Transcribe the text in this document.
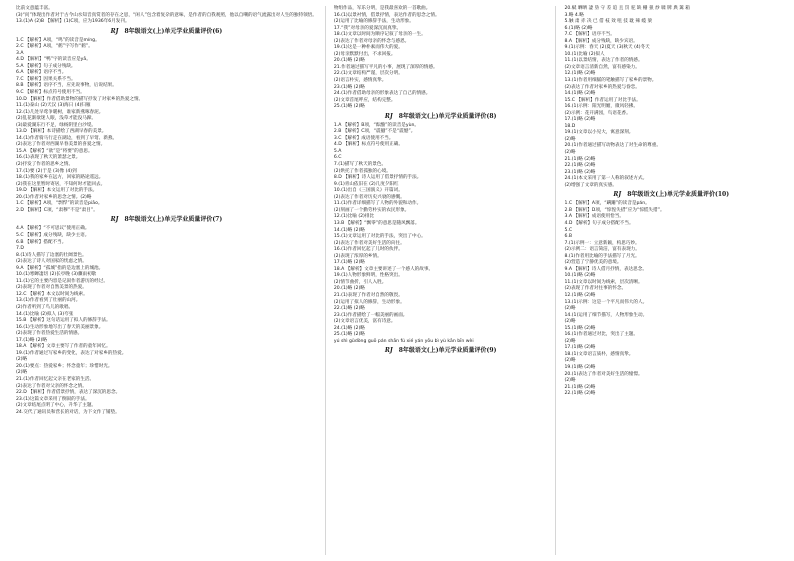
比前文意蕴丰富。
(3)“问”体现出作者对于古今山水知音真赏者的存在之思，“闲人”包含着复杂的意味，是作者的自我观照，他以自嘲的语气流露出对人生的独特领悟。
13.(1)A (2)B 【解析】(1)C项，应为1936年6月发刊。
RJ 8年级语文(上)单元学业质量评价(6)
1.C 【解析】A项，“鸣”的读音是míng。
2.C 【解析】A项，“鹤”字写作“鹤”。
3.A
4.D 【解析】“鸭”字的读音应是yā。
5.A 【解析】句子成分残缺。
6.A 【解析】语序不当。
7.C 【解析】因果关系不当。
8.B 【解析】语序不当，应先说事物，后说结果。
9.C 【解析】标点符号使用不当。
10.D 【解析】作者借助景物的描写抒发了对家乡的热爱之情。
11.(1)泰山 (2)天汉 (3)海日 (4)归雁
12.(1)几处早莺争暖树，谁家新燕啄春泥。
(2)乱花渐欲迷人眼，浅草才能没马蹄。
(3)最爱湖东行不足，绿杨阴里白沙堤。
13.D 【解析】本诗描绘了西湖早春的美景。
14.(1)作者骑马行走在湖边，看到了早莺、新燕。
(2)表达了作者对西湖早春美景的喜爱之情。
15.A 【解析】“欲”是“将要”的意思。
16.(1)表现了秋天的萧瑟之景。
(2)抒发了作者的思乡之情。
17.(1)要 (2)于是 (3)像 (4)到
18.(1)我的家乡在远方，回家的路途遥远。
(2)我在这里暂时寄居，不知何时才能回去。
19.D 【解析】本文运用了对比的手法。
20.(1)作者对家乡的思念之情。(2)略
1.C 【解析】A项，“剽悍”的读音是piāo。
2.D 【解析】C项，“肃穆”不是“肃目”。
RJ 8年级语文(上)单元学业质量评价(7)
4.A 【解析】“不可思议”使用正确。
5.C 【解析】成分残缺，缺少主语。
6.B 【解析】搭配不当。
7.D
8.(1)诗人描写了边塞的壮阔景色。
(2)表达了诗人对国家的忧虑之情。
9.A 【解析】“孤城”指的是边塞上的城池。
10.(1)寒蝉凄切 (2)长亭晚 (3)骤雨初歇
11.(1)它的主要内容是记叙作者游历的经过。
(2)表现了作者对自然美景的热爱。
12.C 【解析】本文以时间为线索。
13.(1)作者看到了壮丽的山河。
(2)作者听到了鸟儿的歌唱。
14.(1)比喻 (2)拟人 (3)夸张
15.B 【解析】这句话运用了拟人的修辞手法。
16.(1)生动形象地写出了春天的美丽景象。
(2)表现了作者热爱生活的情感。
17.(1)略 (2)略
18.A 【解析】文章主要写了作者的童年回忆。
19.(1)作者通过写家乡的变化，表达了对家乡的热爱。
(2)略
20.(1)要点：热爱家乡；怀念童年；珍惜时光。
(2)略
21.(1)作者回忆起父亲在老家的生活。
(2)表达了作者对父亲的怀念之情。
22.D 【解析】作者借景抒情，表达了深沉的思念。
23.(1)这篇文章采用了倒叙的手法。
(2)文章结尾点明了中心，升华了主题。
24.交代了通讯员和营长的对话，为下文作了铺垫。
物组作品，军乐分明，是我最喜欢的一首歌曲。
16.(1)以景衬情，借景抒情，表达作者的思念之情。
(2)运用了比喻的修辞手法，生动形象。
17.“我”对母亲的爱深沉而真挚。
18.(1)文章以时间为顺序记叙了母亲的一生。
(2)表达了作者对母亲的怀念与感恩。
19.(1)这是一种朴素而伟大的爱。
(2)母亲默默付出，不求回报。
20.(1)略 (2)略
21.作者通过描写平凡的小事，展现了深厚的情感。
22.(1)文章结构严谨，层次分明。
(2)语言朴实，感情真挚。
23.(1)略 (2)略
24.(1)作者借助母亲的形象表达了自己的情感。
(2)文章首尾呼应，结构完整。
25.(1)略 (2)略
RJ 8年级语文(上)单元学业质量评价(8)
1.A 【解析】B项，“酝酿”的读音是yùn。
2.B 【解析】C项，“震撼”不是“震憾”。
3.C 【解析】成语使用不当。
4.D 【解析】标点符号使用正确。
5.A
6.C
7.(1)描写了秋天的景色。
(2)烘托了作者孤独的心境。
8.D 【解析】诗人运用了借景抒情的手法。
9.(1)青山依旧在 (2)几度夕阳红
10.(1)出自《三国演义》开篇词。
(2)表达了作者对历史兴衰的感慨。
11.(1)作者详细描写了人物的外貌和动作。
(2)刻画了一个勤劳朴实的农民形象。
12.(1)比喻 (2)排比
13.B 【解析】“飘零”的意思是随风飘落。
14.(1)略 (2)略
15.(1)文章运用了对比的手法，突出了中心。
(2)表达了作者对美好生活的向往。
16.(1)作者回忆起了儿时的伙伴。
(2)表现了浓厚的乡情。
17.(1)略 (2)略
18.A 【解析】文章主要讲述了一个感人的故事。
19.(1)人物形象鲜明，性格突出。
(2)情节曲折，引人入胜。
20.(1)略 (2)略
21.(1)表现了作者对自然的敬畏。
(2)运用了拟人的修辞，生动形象。
22.(1)略 (2)略
23.(1)作者描绘了一幅美丽的画面。
(2)文章语言优美，富有诗意。
24.(1)略 (2)略
25.(1)略 (2)略
yú shì gǔdòng guō pán shān fú xié yán yōu bì yù kān bīn wèi
RJ 8年级语文(上)单元学业质量评价(9)
20.赋 晒晒 凄 垦 守 差 追 且 罚 驼 缺 栅 狠 炒 啸 牌 典 篱 箱
3.略 4.略
5.触 肃 赤 决 已 借 枝 效 咀 技 耽 辣 缆 梁
6.(1)略 (2)略
7.C 【解析】语序不当。
8.A 【解析】成分残缺，缺少宾语。
9.(1)示例：春天 (2)夏天 (3)秋天 (4)冬天
10.(1)比喻 (2)拟人
11.(1)以景结情，表达了作者的情感。
(2)文章语言清新自然，富有感染力。
12.(1)略 (2)略
13.(1)作者用细腻的笔触描写了家乡的景物。
(2)表达了作者对家乡的热爱与眷恋。
14.(1)略 (2)略
15.C 【解析】作者运用了对比手法。
16.(1)示例：阳光明媚，微风轻拂。
(2)示例：花开满园，鸟语花香。
17.(1)略 (2)略
18.D
19.(1)文章以小见大，寓意深刻。
(2)略
20.(1)作者通过描写动物表达了对生命的尊重。
(2)略
21.(1)略 (2)略
22.(1)略 (2)略
23.(1)略 (2)略
24.(1)本文采用了第一人称的叙述方式。
(2)增强了文章的真实感。
RJ 8年级语文(上)单元学业质量评价(10)
1.C 【解析】A项，“蹒跚”的读音是pán。
2.B 【解析】D项，“惊惶失措”应为“惊慌失措”。
3.A 【解析】成语使用恰当。
4.D 【解析】句子成分搭配不当。
5.C
6.B
7.(1)示例一：立意新颖，构思巧妙。
(2)示例二：语言简洁，富有表现力。
8.(1)作者用比喻的手法描写了月光。
(2)营造了宁静优美的意境。
9.A 【解析】诗人借月抒情，表达思念。
10.(1)略 (2)略
11.(1)文章以时间为线索，层次清晰。
(2)表现了作者对往事的怀念。
12.(1)略 (2)略
13.(1)示例：这是一个平凡而伟大的人。
(2)略
14.(1)运用了细节描写，人物形象生动。
(2)略
15.(1)略 (2)略
16.(1)作者通过对比，突出了主题。
(2)略
17.(1)略 (2)略
18.(1)文章语言质朴，感情真挚。
(2)略
19.(1)略 (2)略
20.(1)表达了作者对美好生活的憧憬。
(2)略
21.(1)略 (2)略
22.(1)略 (2)略
